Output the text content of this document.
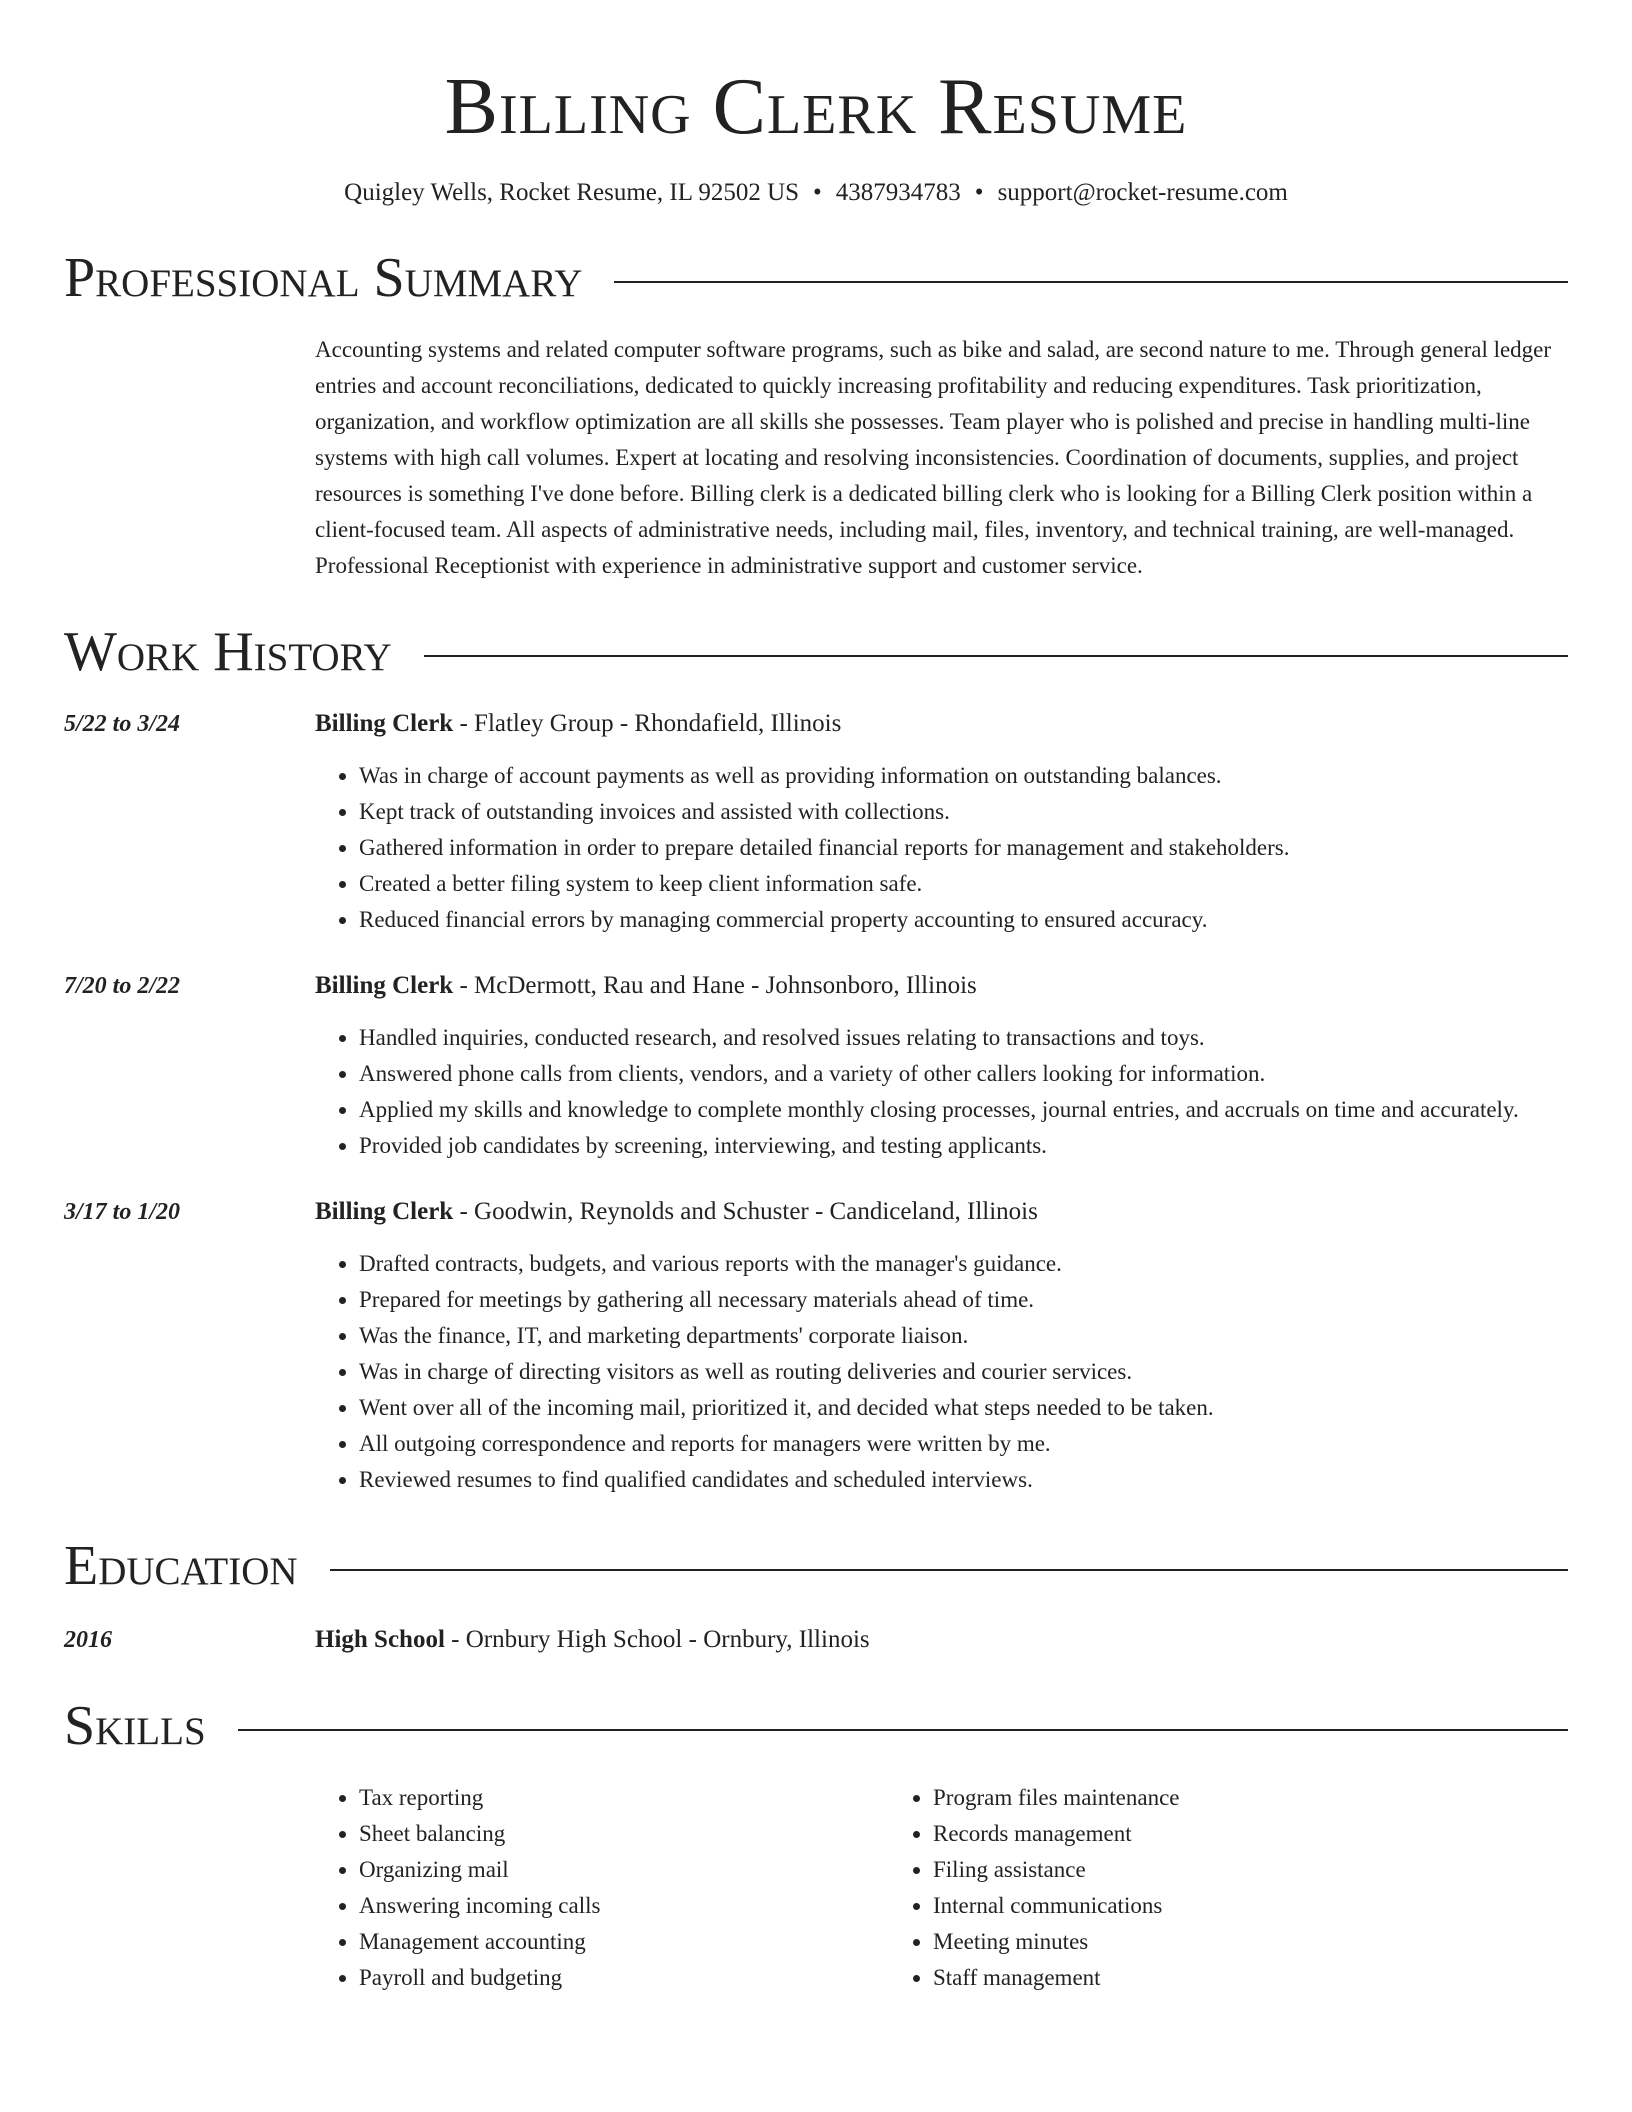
Billing Clerk Resume
Quigley Wells, Rocket Resume, IL 92502 US • 4387934783 • support@rocket-resume.com
Professional Summary
Accounting systems and related computer software programs, such as bike and salad, are second nature to me. Through general ledger entries and account reconciliations, dedicated to quickly increasing profitability and reducing expenditures. Task prioritization, organization, and workflow optimization are all skills she possesses. Team player who is polished and precise in handling multi-line systems with high call volumes. Expert at locating and resolving inconsistencies. Coordination of documents, supplies, and project resources is something I've done before. Billing clerk is a dedicated billing clerk who is looking for a Billing Clerk position within a client-focused team. All aspects of administrative needs, including mail, files, inventory, and technical training, are well-managed. Professional Receptionist with experience in administrative support and customer service.
Work History
5/22 to 3/24	Billing Clerk - Flatley Group - Rhondafield, Illinois
• Was in charge of account payments as well as providing information on outstanding balances.
• Kept track of outstanding invoices and assisted with collections.
• Gathered information in order to prepare detailed financial reports for management and stakeholders.
• Created a better filing system to keep client information safe.
• Reduced financial errors by managing commercial property accounting to ensured accuracy.
7/20 to 2/22	Billing Clerk - McDermott, Rau and Hane - Johnsonboro, Illinois
• Handled inquiries, conducted research, and resolved issues relating to transactions and toys.
• Answered phone calls from clients, vendors, and a variety of other callers looking for information.
• Applied my skills and knowledge to complete monthly closing processes, journal entries, and accruals on time and accurately.
• Provided job candidates by screening, interviewing, and testing applicants.
3/17 to 1/20	Billing Clerk - Goodwin, Reynolds and Schuster - Candiceland, Illinois
• Drafted contracts, budgets, and various reports with the manager's guidance.
• Prepared for meetings by gathering all necessary materials ahead of time.
• Was the finance, IT, and marketing departments' corporate liaison.
• Was in charge of directing visitors as well as routing deliveries and courier services.
• Went over all of the incoming mail, prioritized it, and decided what steps needed to be taken.
• All outgoing correspondence and reports for managers were written by me.
• Reviewed resumes to find qualified candidates and scheduled interviews.
Education
2016	High School - Ornbury High School - Ornbury, Illinois
Skills
• Tax reporting
• Sheet balancing
• Organizing mail
• Answering incoming calls
• Management accounting
• Payroll and budgeting
• Program files maintenance
• Records management
• Filing assistance
• Internal communications
• Meeting minutes
• Staff management
